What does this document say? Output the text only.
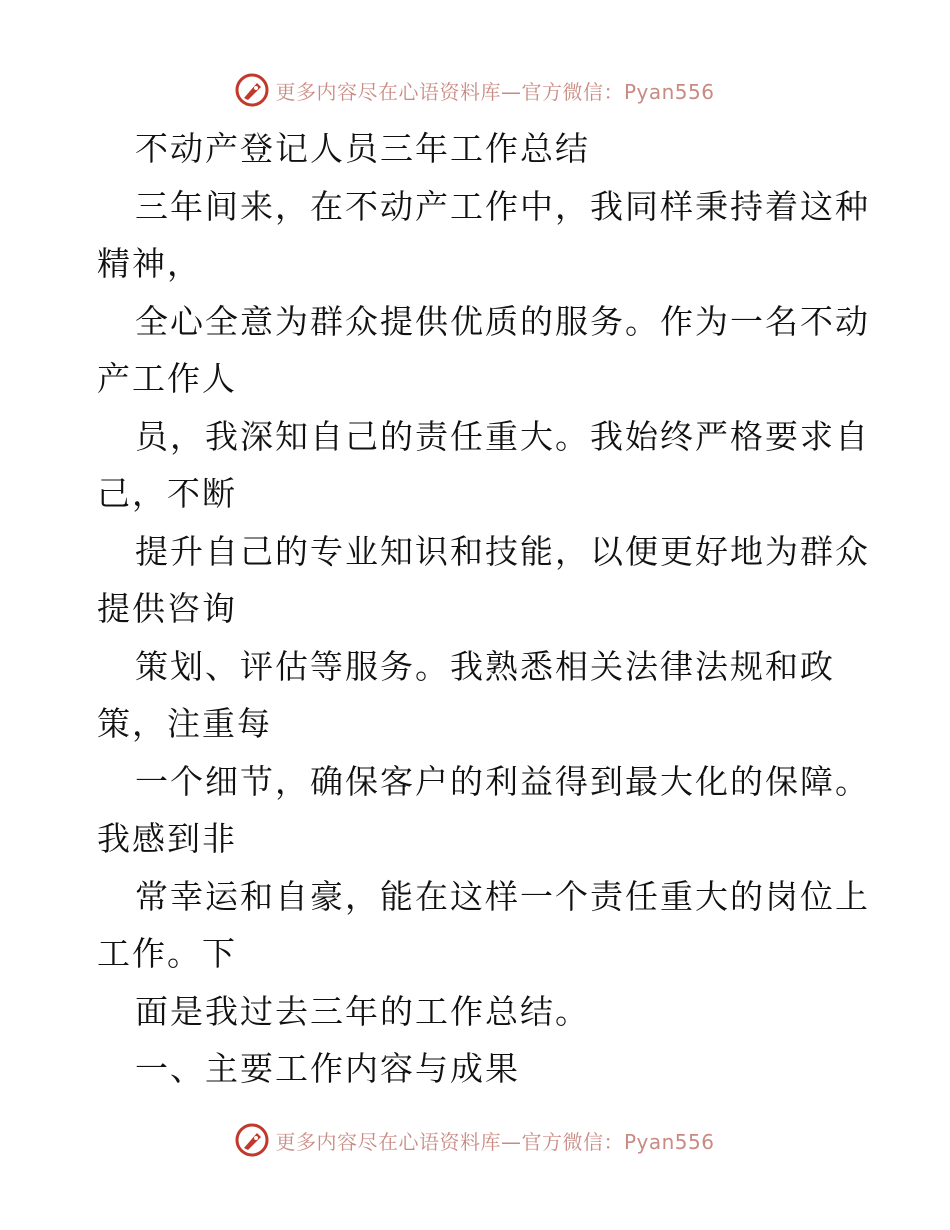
更多内容尽在心语资料库—官方微信：Pyan556
不动产登记人员三年工作总结
三年间来，在不动产工作中，我同样秉持着这种
精神，
全心全意为群众提供优质的服务。作为一名不动
产工作人
员，我深知自己的责任重大。我始终严格要求自
己，不断
提升自己的专业知识和技能，以便更好地为群众
提供咨询
策划、评估等服务。我熟悉相关法律法规和政
策，注重每
一个细节，确保客户的利益得到最大化的保障。
我感到非
常幸运和自豪，能在这样一个责任重大的岗位上
工作。下
面是我过去三年的工作总结。
一、主要工作内容与成果
更多内容尽在心语资料库—官方微信：Pyan556
